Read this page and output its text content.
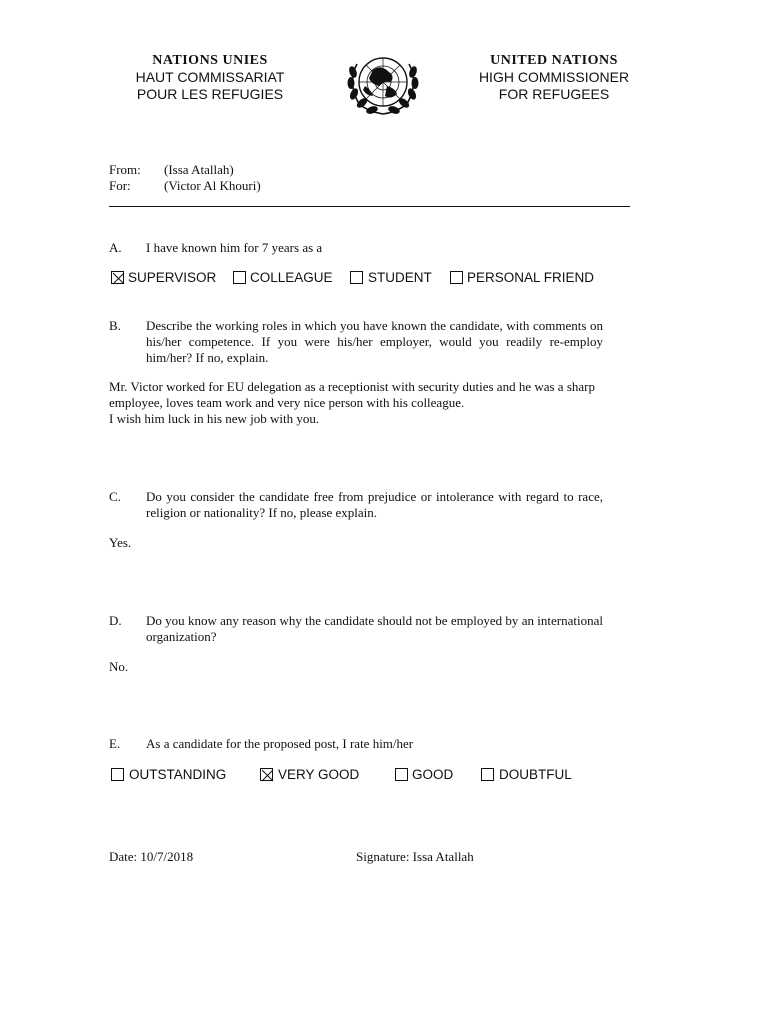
NATIONS UNIES
HAUT COMMISSARIAT
POUR LES REFUGIES
UNITED NATIONS
HIGH COMMISSIONER
FOR REFUGEES
From: (Issa Atallah)
For:	(Victor Al Khouri)
A. I have known him for 7 years as a
SUPERVISOR COLLEAGUE	STUDENT	PERSONAL FRIEND
B. Describe the working roles in which you have known the candidate, with comments on his/her competence. If you were his/her employer, would you readily re-employ him/her? If no, explain.
Mr. Victor worked for EU delegation as a receptionist with security duties and he was a sharp employee, loves team work and very nice person with his colleague.
I wish him luck in his new job with you.
C. Do you consider the candidate free from prejudice or intolerance with regard to race, religion or nationality? If no, please explain.
Yes.
D. Do you know any reason why the candidate should not be employed by an international organization?
No.
E. As a candidate for the proposed post, I rate him/her
OUTSTANDING	VERY GOOD	GOOD	DOUBTFUL
Date: 10/7/2018	Signature: Issa Atallah
